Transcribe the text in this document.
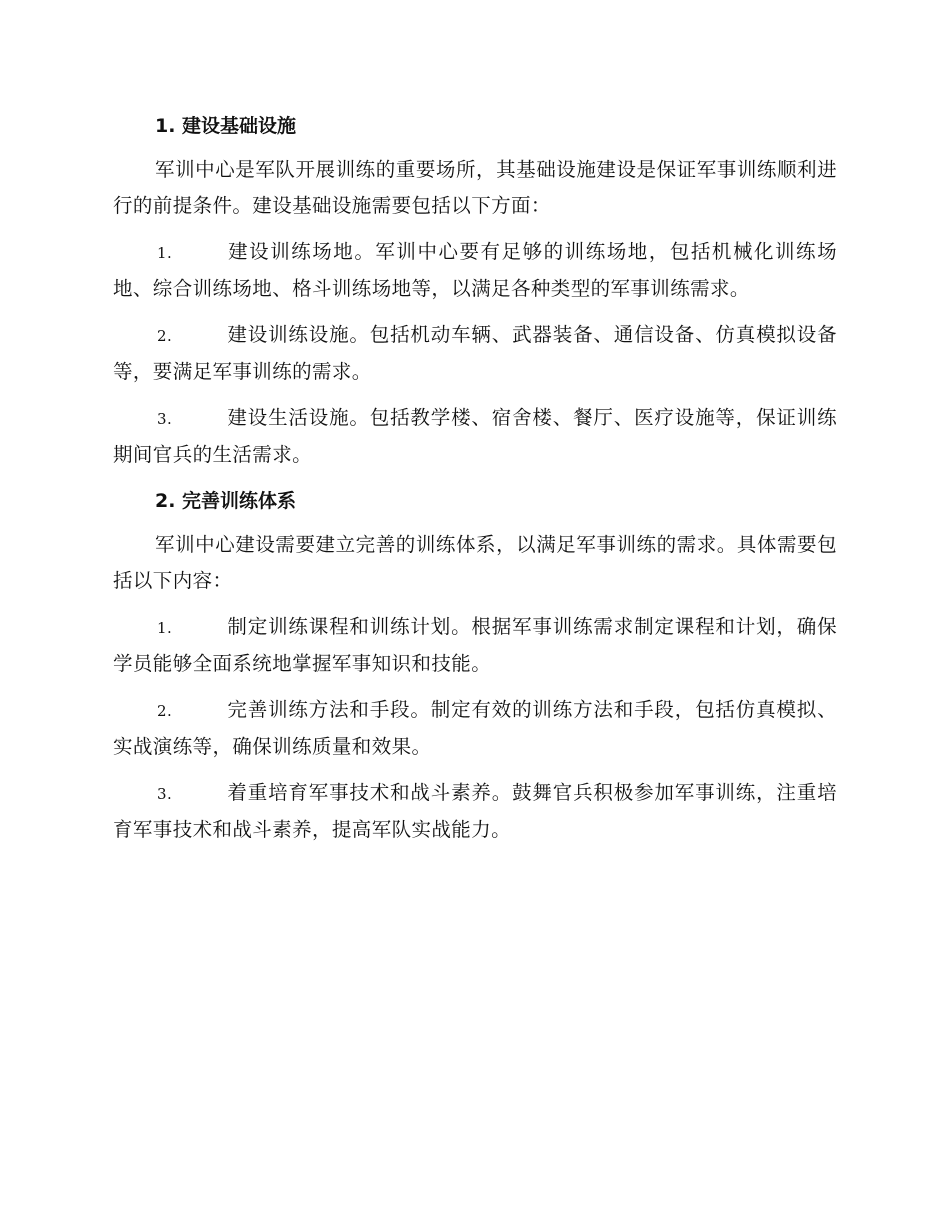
1. 建设基础设施

军训中心是军队开展训练的重要场所，其基础设施建设是保证军事训练顺利进行的前提条件。建设基础设施需要包括以下方面：

1.	建设训练场地。军训中心要有足够的训练场地，包括机械化训练场地、综合训练场地、格斗训练场地等，以满足各种类型的军事训练需求。

2.	建设训练设施。包括机动车辆、武器装备、通信设备、仿真模拟设备等，要满足军事训练的需求。

3.	建设生活设施。包括教学楼、宿舍楼、餐厅、医疗设施等，保证训练期间官兵的生活需求。

2. 完善训练体系

军训中心建设需要建立完善的训练体系，以满足军事训练的需求。具体需要包括以下内容：

1.	制定训练课程和训练计划。根据军事训练需求制定课程和计划，确保学员能够全面系统地掌握军事知识和技能。

2.	完善训练方法和手段。制定有效的训练方法和手段，包括仿真模拟、实战演练等，确保训练质量和效果。

3.	着重培育军事技术和战斗素养。鼓舞官兵积极参加军事训练，注重培育军事技术和战斗素养，提高军队实战能力。
